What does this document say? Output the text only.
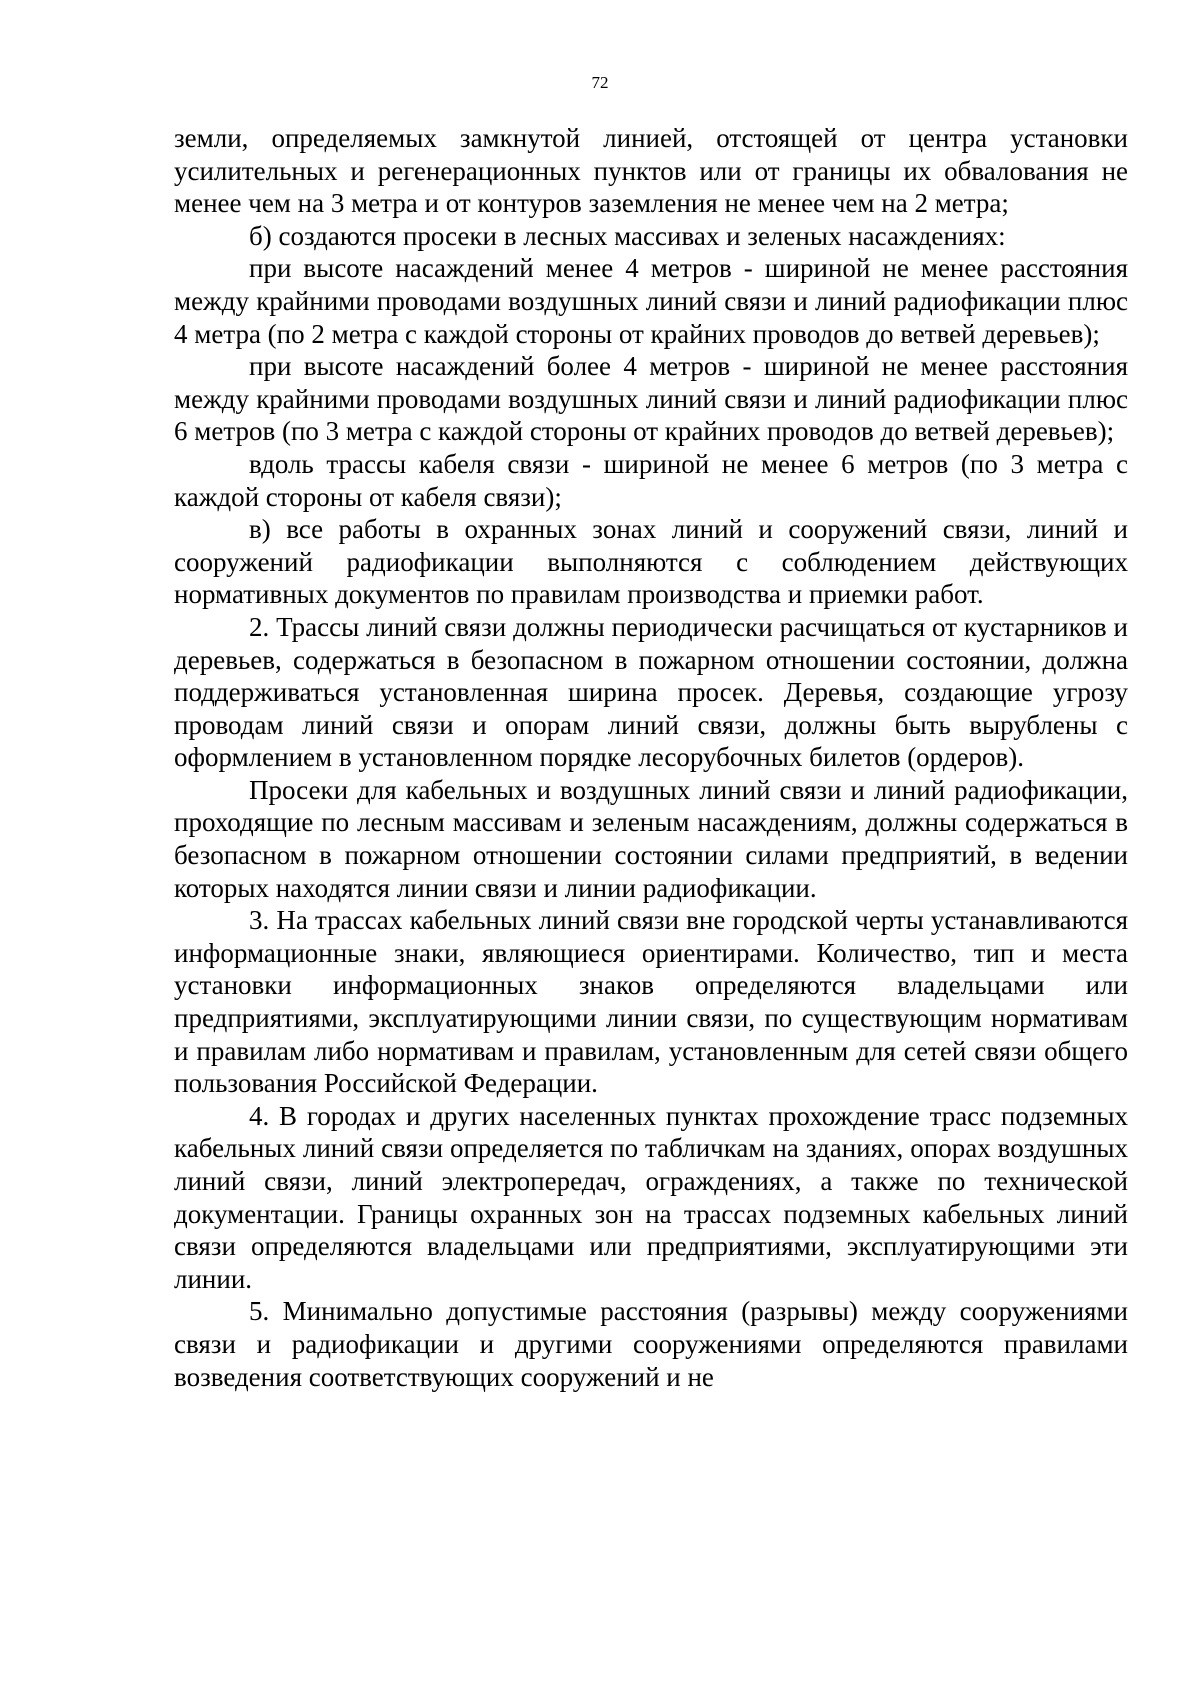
72

земли, определяемых замкнутой линией, отстоящей от центра установки усилительных и регенерационных пунктов или от границы их обвалования не менее чем на 3 метра и от контуров заземления не менее чем на 2 метра;

б) создаются просеки в лесных массивах и зеленых насаждениях:

при высоте насаждений менее 4 метров - шириной не менее расстояния между крайними проводами воздушных линий связи и линий радиофикации плюс 4 метра (по 2 метра с каждой стороны от крайних проводов до ветвей деревьев);

при высоте насаждений более 4 метров - шириной не менее расстояния между крайними проводами воздушных линий связи и линий радиофикации плюс 6 метров (по 3 метра с каждой стороны от крайних проводов до ветвей деревьев);

вдоль трассы кабеля связи - шириной не менее 6 метров (по 3 метра с каждой стороны от кабеля связи);

в) все работы в охранных зонах линий и сооружений связи, линий и сооружений радиофикации выполняются с соблюдением действующих нормативных документов по правилам производства и приемки работ.

2. Трассы линий связи должны периодически расчищаться от кустарников и деревьев, содержаться в безопасном в пожарном отношении состоянии, должна поддерживаться установленная ширина просек. Деревья, создающие угрозу проводам линий связи и опорам линий связи, должны быть вырублены с оформлением в установленном порядке лесорубочных билетов (ордеров).

Просеки для кабельных и воздушных линий связи и линий радиофикации, проходящие по лесным массивам и зеленым насаждениям, должны содержаться в безопасном в пожарном отношении состоянии силами предприятий, в ведении которых находятся линии связи и линии радиофикации.

3. На трассах кабельных линий связи вне городской черты устанавливаются информационные знаки, являющиеся ориентирами. Количество, тип и места установки информационных знаков определяются владельцами или предприятиями, эксплуатирующими линии связи, по существующим нормативам и правилам либо нормативам и правилам, установленным для сетей связи общего пользования Российской Федерации.

4. В городах и других населенных пунктах прохождение трасс подземных кабельных линий связи определяется по табличкам на зданиях, опорах воздушных линий связи, линий электропередач, ограждениях, а также по технической документации. Границы охранных зон на трассах подземных кабельных линий связи определяются владельцами или предприятиями, эксплуатирующими эти линии.

5. Минимально допустимые расстояния (разрывы) между сооружениями связи и радиофикации и другими сооружениями определяются правилами возведения соответствующих сооружений и не
